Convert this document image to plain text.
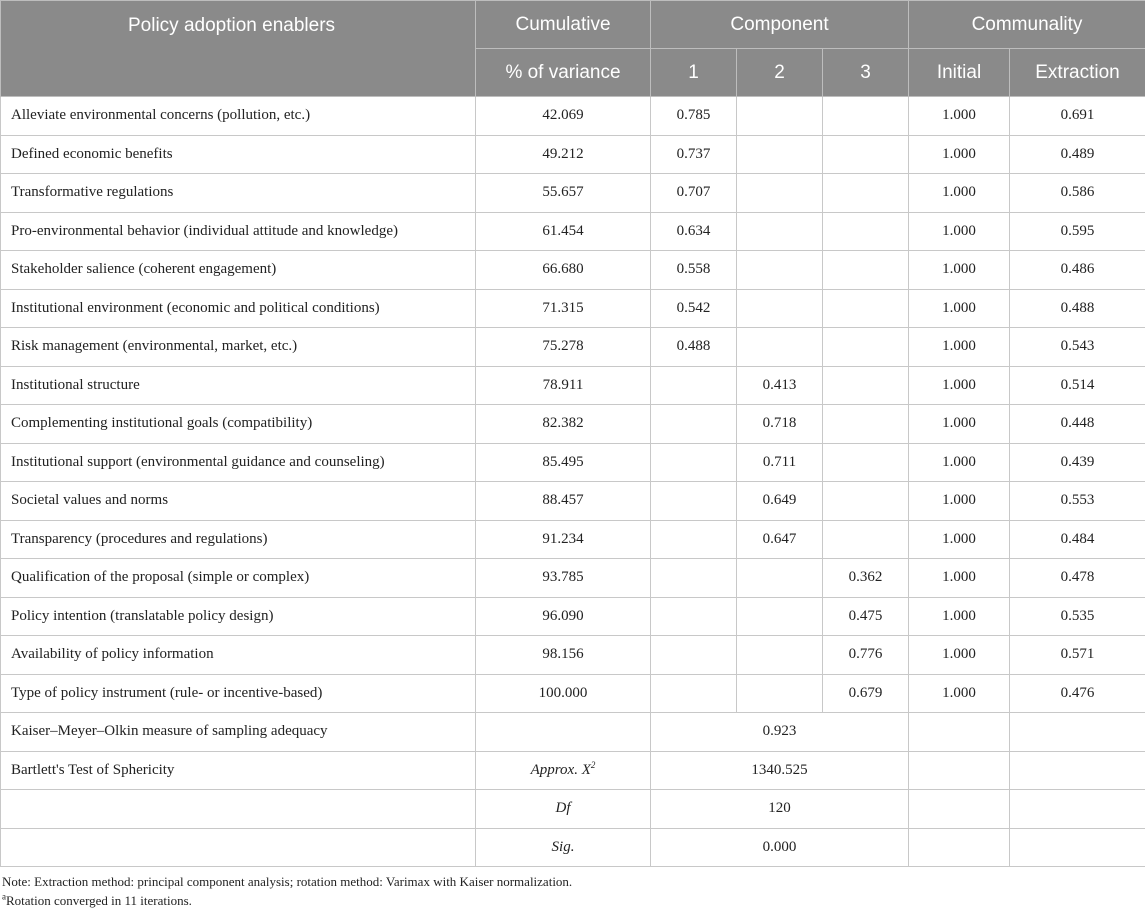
Policy adoption enablers	Cumulative	Component			Communality	
	% of variance	1	2	3	Initial	Extraction
Alleviate environmental concerns (pollution, etc.)	42.069	0.785			1.000	0.691
Defined economic benefits	49.212	0.737			1.000	0.489
Transformative regulations	55.657	0.707			1.000	0.586
Pro-environmental behavior (individual attitude and knowledge)	61.454	0.634			1.000	0.595
Stakeholder salience (coherent engagement)	66.680	0.558			1.000	0.486
Institutional environment (economic and political conditions)	71.315	0.542			1.000	0.488
Risk management (environmental, market, etc.)	75.278	0.488			1.000	0.543
Institutional structure	78.911		0.413		1.000	0.514
Complementing institutional goals (compatibility)	82.382		0.718		1.000	0.448
Institutional support (environmental guidance and counseling)	85.495		0.711		1.000	0.439
Societal values and norms	88.457		0.649		1.000	0.553
Transparency (procedures and regulations)	91.234		0.647		1.000	0.484
Qualification of the proposal (simple or complex)	93.785			0.362	1.000	0.478
Policy intention (translatable policy design)	96.090			0.475	1.000	0.535
Availability of policy information	98.156			0.776	1.000	0.571
Type of policy instrument (rule- or incentive-based)	100.000			0.679	1.000	0.476
Kaiser–Meyer–Olkin measure of sampling adequacy		0.923				
Bartlett's Test of Sphericity	Approx. $X^2$	1340.525				
	Df	120				
	Sig.	0.000				
Note: Extraction method: principal component analysis; rotation method: Varimax with Kaiser normalization.
$^a$Rotation converged in 11 iterations.
